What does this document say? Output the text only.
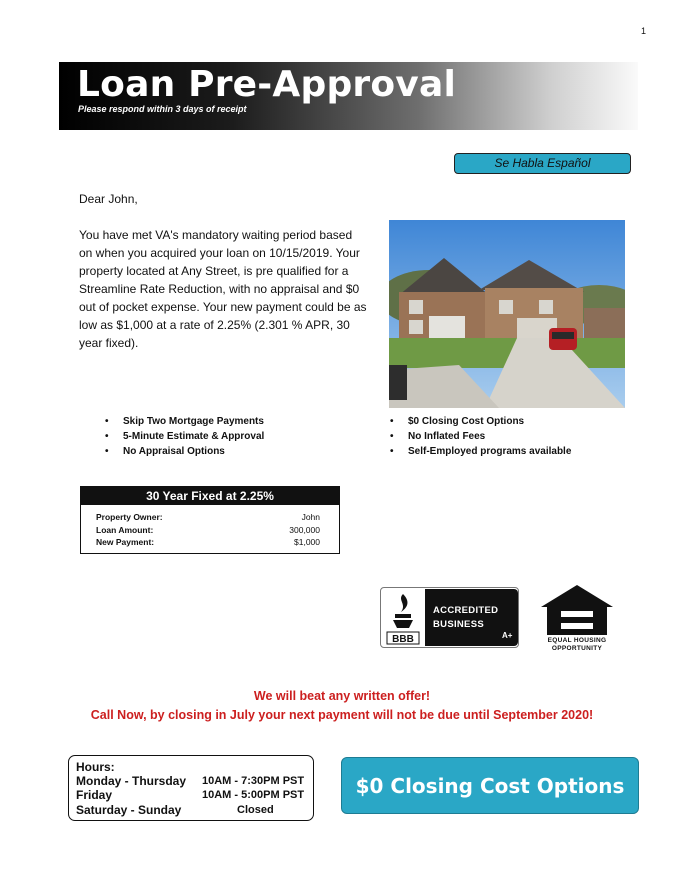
1
Loan Pre-Approval
Please respond within 3 days of receipt
Se Habla Español
Dear John,
You have met VA's mandatory waiting period based on when you acquired your loan on 10/15/2019. Your property located at Any Street, is pre qualified for a Streamline Rate Reduction, with no appraisal and $0 out of pocket expense. Your new payment could be as low as $1,000 at a rate of 2.25% (2.301 % APR, 30 year fixed).
• Skip Two Mortgage Payments
• 5-Minute Estimate & Approval
• No Appraisal Options
• $0 Closing Cost Options
• No Inflated Fees
• Self-Employed programs available
30 Year Fixed at 2.25%
Property Owner:	John
Loan Amount:	300,000
New Payment:	$1,000
BBB
ACCREDITED
BUSINESS
A+
EQUAL HOUSING
OPPORTUNITY
We will beat any written offer!
Call Now, by closing in July your next payment will not be due until September 2020!
Hours:
Monday - Thursday 10AM - 7:30PM PST
Friday	10AM - 5:00PM PST
Saturday - Sunday	Closed
$0 Closing Cost Options
